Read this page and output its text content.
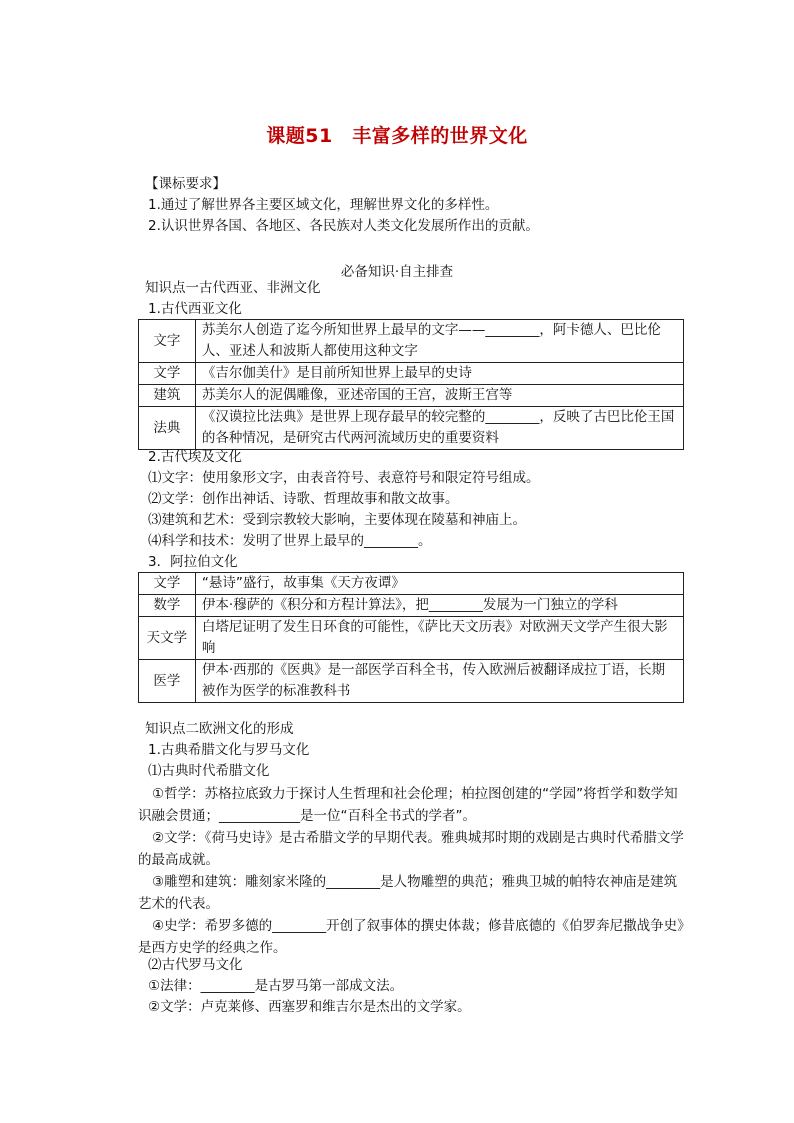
课题51　丰富多样的世界文化
【课标要求】
1.通过了解世界各主要区域文化，理解世界文化的多样性。
2.认识世界各国、各地区、各民族对人类文化发展所作出的贡献。
必备知识·自主排查
知识点一古代西亚、非洲文化
1.古代西亚文化
文字	苏美尔人创造了迄今所知世界上最早的文字——________，阿卡德人、巴比伦人、亚述人和波斯人都使用这种文字
文学	《吉尔伽美什》是目前所知世界上最早的史诗
建筑	苏美尔人的泥偶雕像，亚述帝国的王宫，波斯王宫等
法典	《汉谟拉比法典》是世界上现存最早的较完整的________，反映了古巴比伦王国的各种情况，是研究古代两河流域历史的重要资料
2.古代埃及文化
⑴文字：使用象形文字，由表音符号、表意符号和限定符号组成。
⑵文学：创作出神话、诗歌、哲理故事和散文故事。
⑶建筑和艺术：受到宗教较大影响，主要体现在陵墓和神庙上。
⑷科学和技术：发明了世界上最早的________。
3．阿拉伯文化
文学	“悬诗”盛行，故事集《天方夜谭》
数学	伊本·穆萨的《积分和方程计算法》，把________发展为一门独立的学科
天文学	白塔尼证明了发生日环食的可能性，《萨比天文历表》对欧洲天文学产生很大影响
医学	伊本·西那的《医典》是一部医学百科全书，传入欧洲后被翻译成拉丁语，长期被作为医学的标准教科书
知识点二欧洲文化的形成
1.古典希腊文化与罗马文化
⑴古典时代希腊文化
①哲学：苏格拉底致力于探讨人生哲理和社会伦理；柏拉图创建的“学园”将哲学和数学知识融会贯通；____________是一位“百科全书式的学者”。
②文学：《荷马史诗》是古希腊文学的早期代表。雅典城邦时期的戏剧是古典时代希腊文学的最高成就。
③雕塑和建筑：雕刻家米隆的________是人物雕塑的典范；雅典卫城的帕特农神庙是建筑艺术的代表。
④史学：希罗多德的________开创了叙事体的撰史体裁；修昔底德的《伯罗奔尼撒战争史》是西方史学的经典之作。
⑵古代罗马文化
①法律：________是古罗马第一部成文法。
②文学：卢克莱修、西塞罗和维吉尔是杰出的文学家。
